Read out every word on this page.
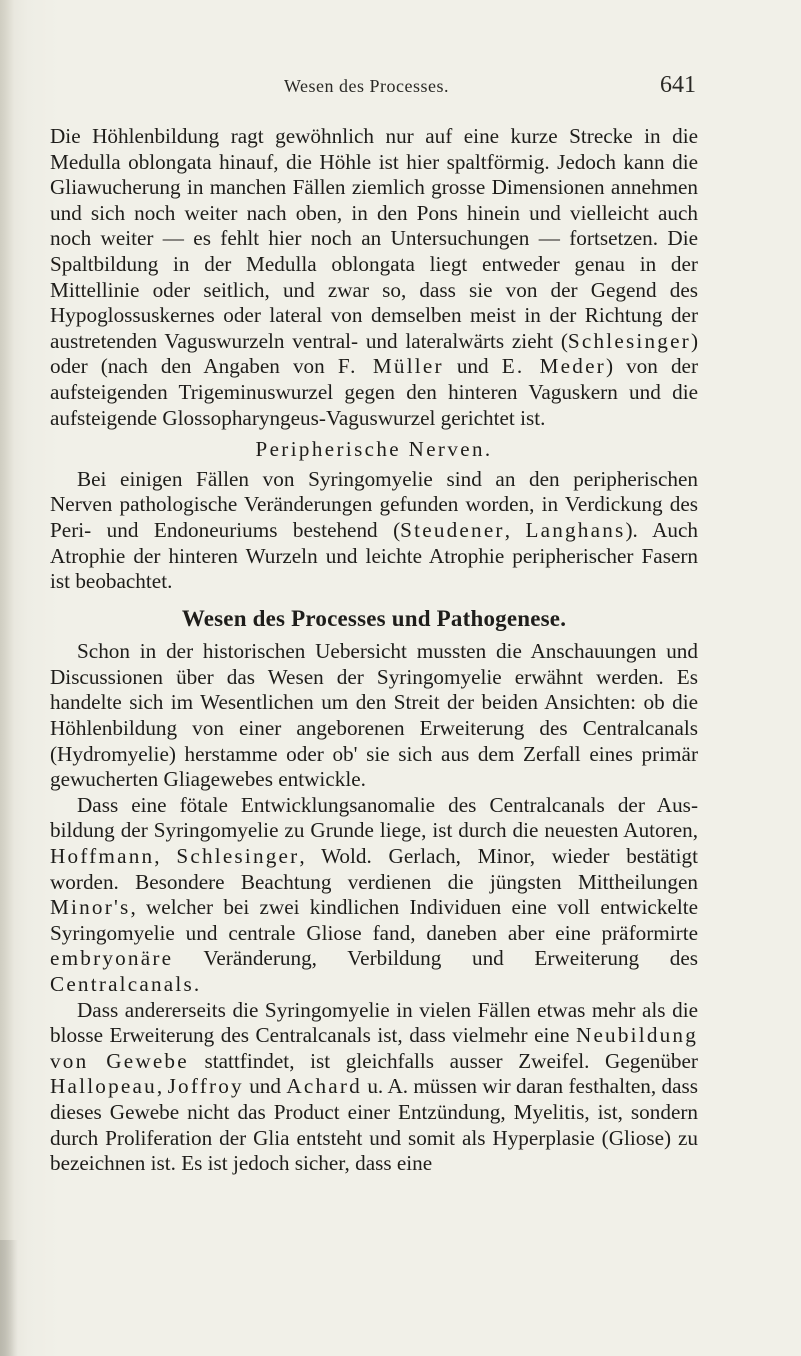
Wesen des Processes.	641

Die Höhlenbildung ragt gewöhnlich nur auf eine kurze Strecke in die Medulla oblongata hinauf, die Höhle ist hier spaltförmig. Jedoch kann die Gliawucherung in manchen Fällen ziemlich grosse Dimensionen annehmen und sich noch weiter nach oben, in den Pons hinein und vielleicht auch noch weiter — es fehlt hier noch an Untersuchungen — fortsetzen. Die Spaltbildung in der Medulla oblongata liegt entweder genau in der Mittellinie oder seitlich, und zwar so, dass sie von der Gegend des Hypoglossuskernes oder lateral von demselben meist in der Richtung der austretenden Vaguswurzeln ventral- und lateralwärts zieht (Schlesinger) oder (nach den Angaben von F. Müller und E. Meder) von der aufsteigenden Trigeminuswurzel gegen den hinteren Vaguskern und die aufsteigende Glossopharyngeus-Vaguswurzel gerichtet ist.

Peripherische Nerven.

Bei einigen Fällen von Syringomyelie sind an den peripherischen Nerven pathologische Veränderungen gefunden worden, in Verdickung des Peri- und Endoneuriums bestehend (Steudener, Langhans). Auch Atrophie der hinteren Wurzeln und leichte Atrophie peripherischer Fasern ist beobachtet.

Wesen des Processes und Pathogenese.

Schon in der historischen Uebersicht mussten die Anschauungen und Discussionen über das Wesen der Syringomyelie erwähnt werden. Es handelte sich im Wesentlichen um den Streit der beiden Ansichten: ob die Höhlenbildung von einer angeborenen Erweiterung des Centralcanals (Hydromyelie) herstamme oder ob' sie sich aus dem Zerfall eines primär gewucherten Gliagewebes entwickle.

Dass eine fötale Entwicklungsanomalie des Centralcanals der Ausbildung der Syringomyelie zu Grunde liege, ist durch die neuesten Autoren, Hoffmann, Schlesinger, Wold. Gerlach, Minor, wieder bestätigt worden. Besondere Beachtung verdienen die jüngsten Mittheilungen Minor's, welcher bei zwei kindlichen Individuen eine voll entwickelte Syringomyelie und centrale Gliose fand, daneben aber eine präformirte embryonäre Veränderung, Verbildung und Erweiterung des Centralcanals.

Dass andererseits die Syringomyelie in vielen Fällen etwas mehr als die blosse Erweiterung des Centralcanals ist, dass vielmehr eine Neubildung von Gewebe stattfindet, ist gleichfalls ausser Zweifel. Gegenüber Hallopeau, Joffroy und Achard u. A. müssen wir daran festhalten, dass dieses Gewebe nicht das Product einer Entzündung, Myelitis, ist, sondern durch Proliferation der Glia entsteht und somit als Hyperplasie (Gliose) zu bezeichnen ist. Es ist jedoch sicher, dass eine
